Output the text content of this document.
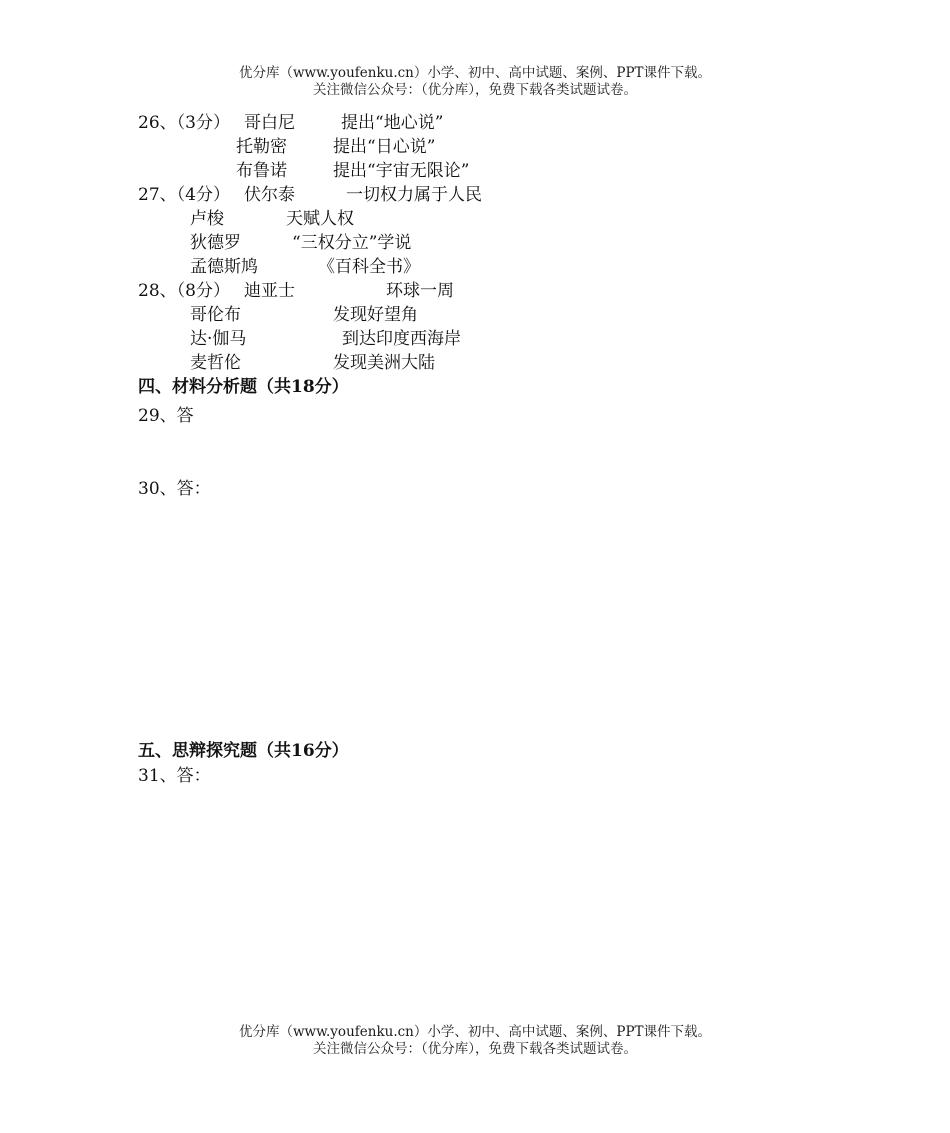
优分库（www.youfenku.cn）小学、初中、高中试题、案例、PPT课件下载。
关注微信公众号：（优分库），免费下载各类试题试卷。
26、（3分） 哥白尼	提出“地心说”
托勒密	提出“日心说”
布鲁诺	提出“宇宙无限论”
27、（4分） 伏尔泰	一切权力属于人民
卢梭	天赋人权
狄德罗	“三权分立”学说
孟德斯鸠	《百科全书》
28、（8分） 迪亚士	环球一周
哥伦布	发现好望角
达·伽马	到达印度西海岸
麦哲伦	发现美洲大陆
四、材料分析题（共18分）
29、答
30、答：
五、思辩探究题（共16分）
31、答：
优分库（www.youfenku.cn）小学、初中、高中试题、案例、PPT课件下载。
关注微信公众号：（优分库），免费下载各类试题试卷。
